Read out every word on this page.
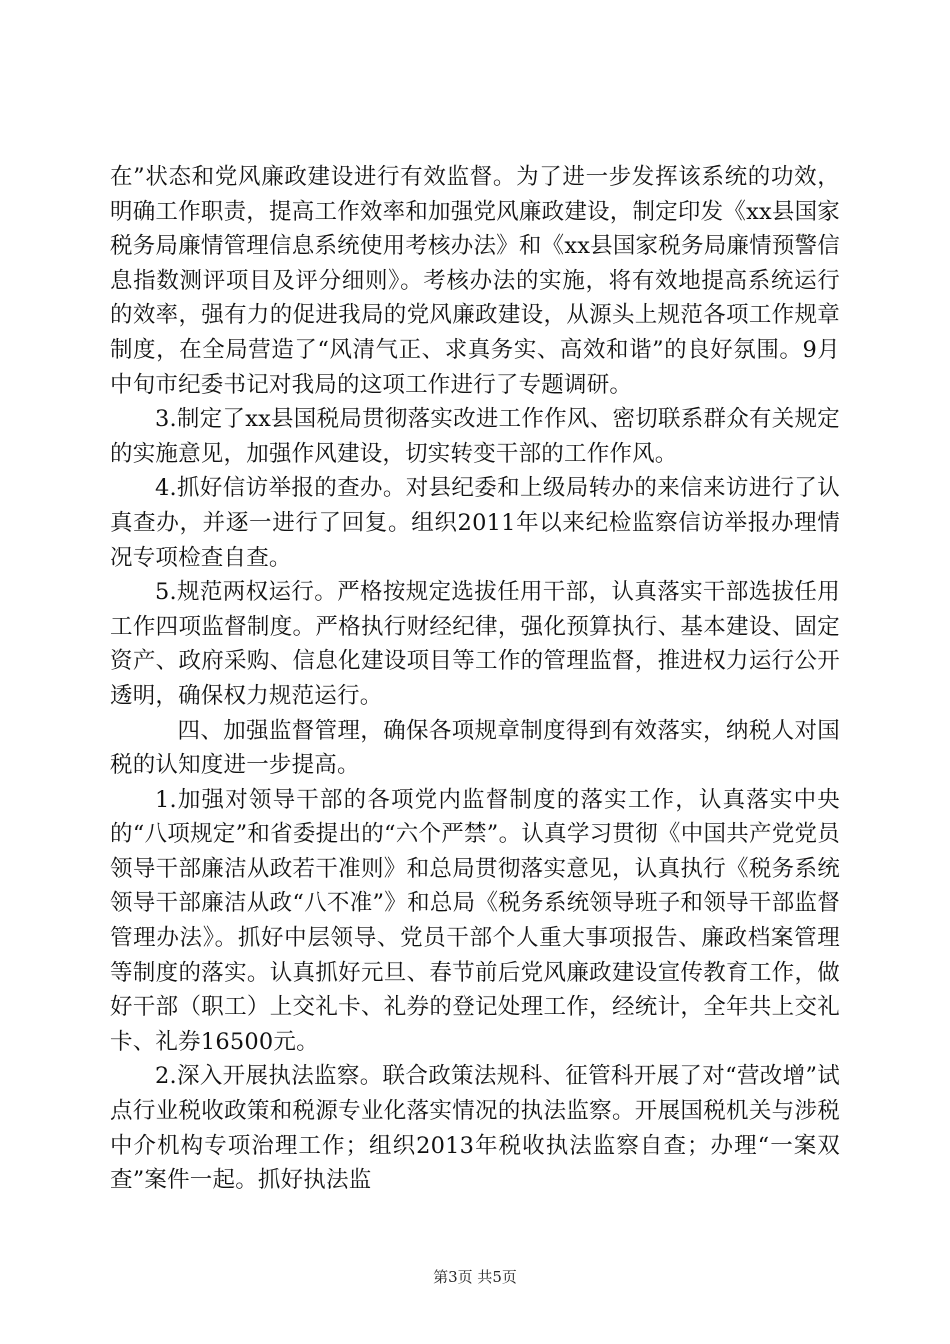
在”状态和党风廉政建设进行有效监督。为了进一步发挥该系统的功效，明确工作职责，提高工作效率和加强党风廉政建设，制定印发《xx县国家税务局廉情管理信息系统使用考核办法》和《xx县国家税务局廉情预警信息指数测评项目及评分细则》。考核办法的实施，将有效地提高系统运行的效率，强有力的促进我局的党风廉政建设，从源头上规范各项工作规章制度，在全局营造了“风清气正、求真务实、高效和谐”的良好氛围。9月中旬市纪委书记对我局的这项工作进行了专题调研。

3.制定了xx县国税局贯彻落实改进工作作风、密切联系群众有关规定的实施意见，加强作风建设，切实转变干部的工作作风。

4.抓好信访举报的查办。对县纪委和上级局转办的来信来访进行了认真查办，并逐一进行了回复。组织2011年以来纪检监察信访举报办理情况专项检查自查。

5.规范两权运行。严格按规定选拔任用干部，认真落实干部选拔任用工作四项监督制度。严格执行财经纪律，强化预算执行、基本建设、固定资产、政府采购、信息化建设项目等工作的管理监督，推进权力运行公开透明，确保权力规范运行。

四、加强监督管理，确保各项规章制度得到有效落实，纳税人对国税的认知度进一步提高。

1.加强对领导干部的各项党内监督制度的落实工作，认真落实中央的“八项规定”和省委提出的“六个严禁”。认真学习贯彻《中国共产党党员领导干部廉洁从政若干准则》和总局贯彻落实意见，认真执行《税务系统领导干部廉洁从政“八不准”》和总局《税务系统领导班子和领导干部监督管理办法》。抓好中层领导、党员干部个人重大事项报告、廉政档案管理等制度的落实。认真抓好元旦、春节前后党风廉政建设宣传教育工作，做好干部（职工）上交礼卡、礼券的登记处理工作，经统计，全年共上交礼卡、礼券16500元。

2.深入开展执法监察。联合政策法规科、征管科开展了对“营改增”试点行业税收政策和税源专业化落实情况的执法监察。开展国税机关与涉税中介机构专项治理工作；组织2013年税收执法监察自查；办理“一案双查”案件一起。抓好执法监

第3页 共5页
